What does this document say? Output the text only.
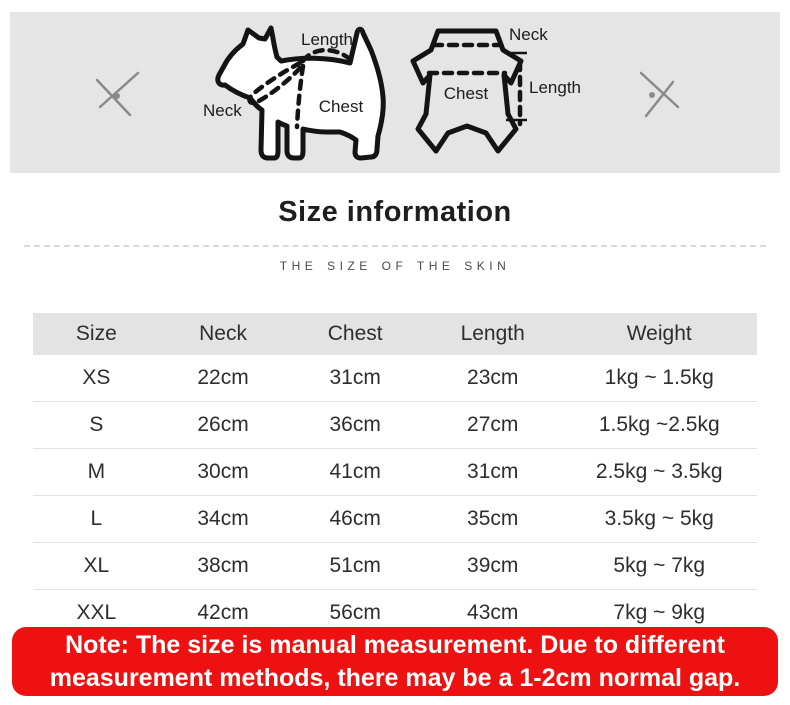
Length
Neck	Chest
Neck
Chest Length
Size information
THE SIZE OF THE SKIN
Size	Neck	Chest	Length	Weight
XS	22cm	31cm	23cm	1kg ~ 1.5kg
S	26cm	36cm	27cm	1.5kg ~2.5kg
M	30cm	41cm	31cm	2.5kg ~ 3.5kg
L	34cm	46cm	35cm	3.5kg ~ 5kg
XL	38cm	51cm	39cm	5kg ~ 7kg
XXL	42cm	56cm	43cm	7kg ~ 9kg
Note: The size is manual measurement. Due to different measurement methods, there may be a 1-2cm normal gap.
